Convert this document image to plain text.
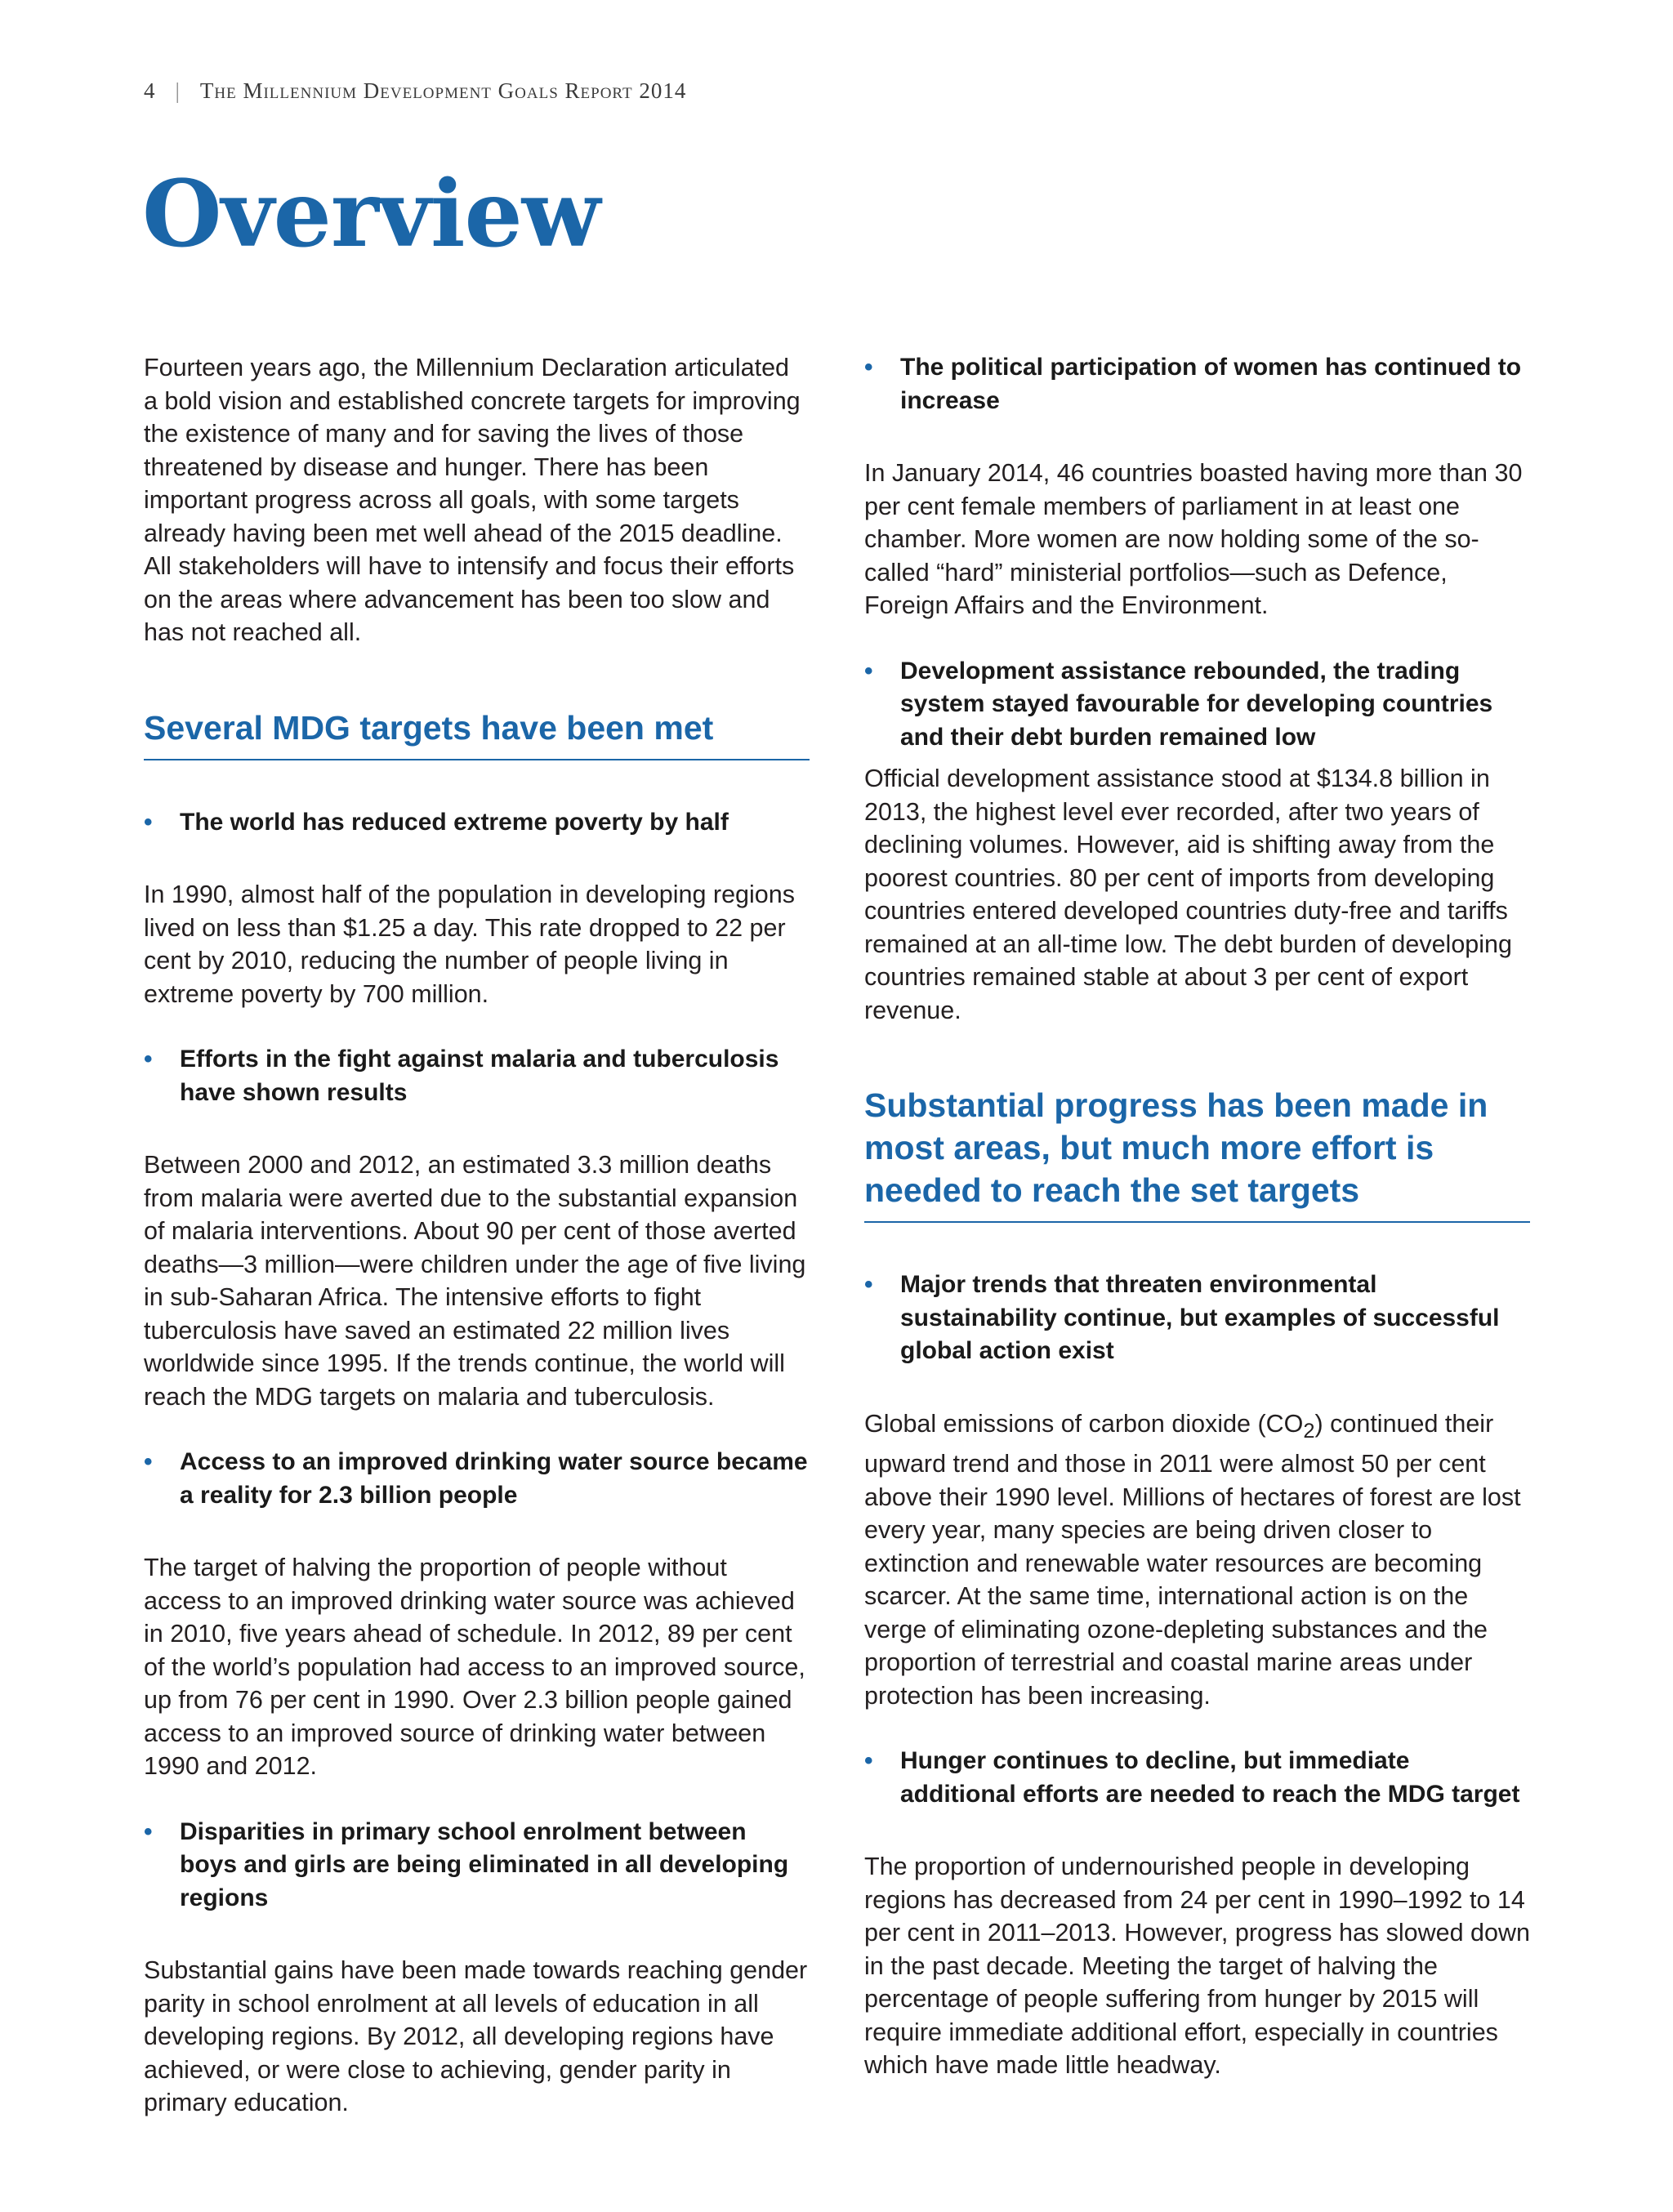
4 | The Millennium Development Goals Report 2014
Overview

Fourteen years ago, the Millennium Declaration articulated a bold vision and established concrete targets for improving the existence of many and for saving the lives of those threatened by disease and hunger. There has been important progress across all goals, with some targets already having been met well ahead of the 2015 deadline. All stakeholders will have to intensify and focus their efforts on the areas where advancement has been too slow and has not reached all.

Several MDG targets have been met
• The world has reduced extreme poverty by half

In 1990, almost half of the population in developing regions lived on less than $1.25 a day. This rate dropped to 22 per cent by 2010, reducing the number of people living in extreme poverty by 700 million.

• Efforts in the fight against malaria and tuberculosis have shown results

Between 2000 and 2012, an estimated 3.3 million deaths from malaria were averted due to the substantial expansion of malaria interventions. About 90 per cent of those averted deaths—3 million—were children under the age of five living in sub-Saharan Africa. The intensive efforts to fight tuberculosis have saved an estimated 22 million lives worldwide since 1995. If the trends continue, the world will reach the MDG targets on malaria and tuberculosis.

• Access to an improved drinking water source became a reality for 2.3 billion people

The target of halving the proportion of people without access to an improved drinking water source was achieved in 2010, five years ahead of schedule. In 2012, 89 per cent of the world’s population had access to an improved source, up from 76 per cent in 1990. Over 2.3 billion people gained access to an improved source of drinking water between 1990 and 2012.

• Disparities in primary school enrolment between boys and girls are being eliminated in all developing regions

Substantial gains have been made towards reaching gender parity in school enrolment at all levels of education in all developing regions. By 2012, all developing regions have achieved, or were close to achieving, gender parity in primary education.

• The political participation of women has continued to increase

In January 2014, 46 countries boasted having more than 30 per cent female members of parliament in at least one chamber. More women are now holding some of the so-called “hard” ministerial portfolios—such as Defence, Foreign Affairs and the Environment.

• Development assistance rebounded, the trading system stayed favourable for developing countries and their debt burden remained low

Official development assistance stood at $134.8 billion in 2013, the highest level ever recorded, after two years of declining volumes. However, aid is shifting away from the poorest countries. 80 per cent of imports from developing countries entered developed countries duty-free and tariffs remained at an all-time low. The debt burden of developing countries remained stable at about 3 per cent of export revenue.

Substantial progress has been made in most areas, but much more effort is needed to reach the set targets
• Major trends that threaten environmental sustainability continue, but examples of successful global action exist

Global emissions of carbon dioxide $(CO_2)$ continued their upward trend and those in 2011 were almost 50 per cent above their 1990 level. Millions of hectares of forest are lost every year, many species are being driven closer to extinction and renewable water resources are becoming scarcer. At the same time, international action is on the verge of eliminating ozone-depleting substances and the proportion of terrestrial and coastal marine areas under protection has been increasing.

• Hunger continues to decline, but immediate additional efforts are needed to reach the MDG target

The proportion of undernourished people in developing regions has decreased from 24 per cent in 1990–1992 to 14 per cent in 2011–2013. However, progress has slowed down in the past decade. Meeting the target of halving the percentage of people suffering from hunger by 2015 will require immediate additional effort, especially in countries which have made little headway.
